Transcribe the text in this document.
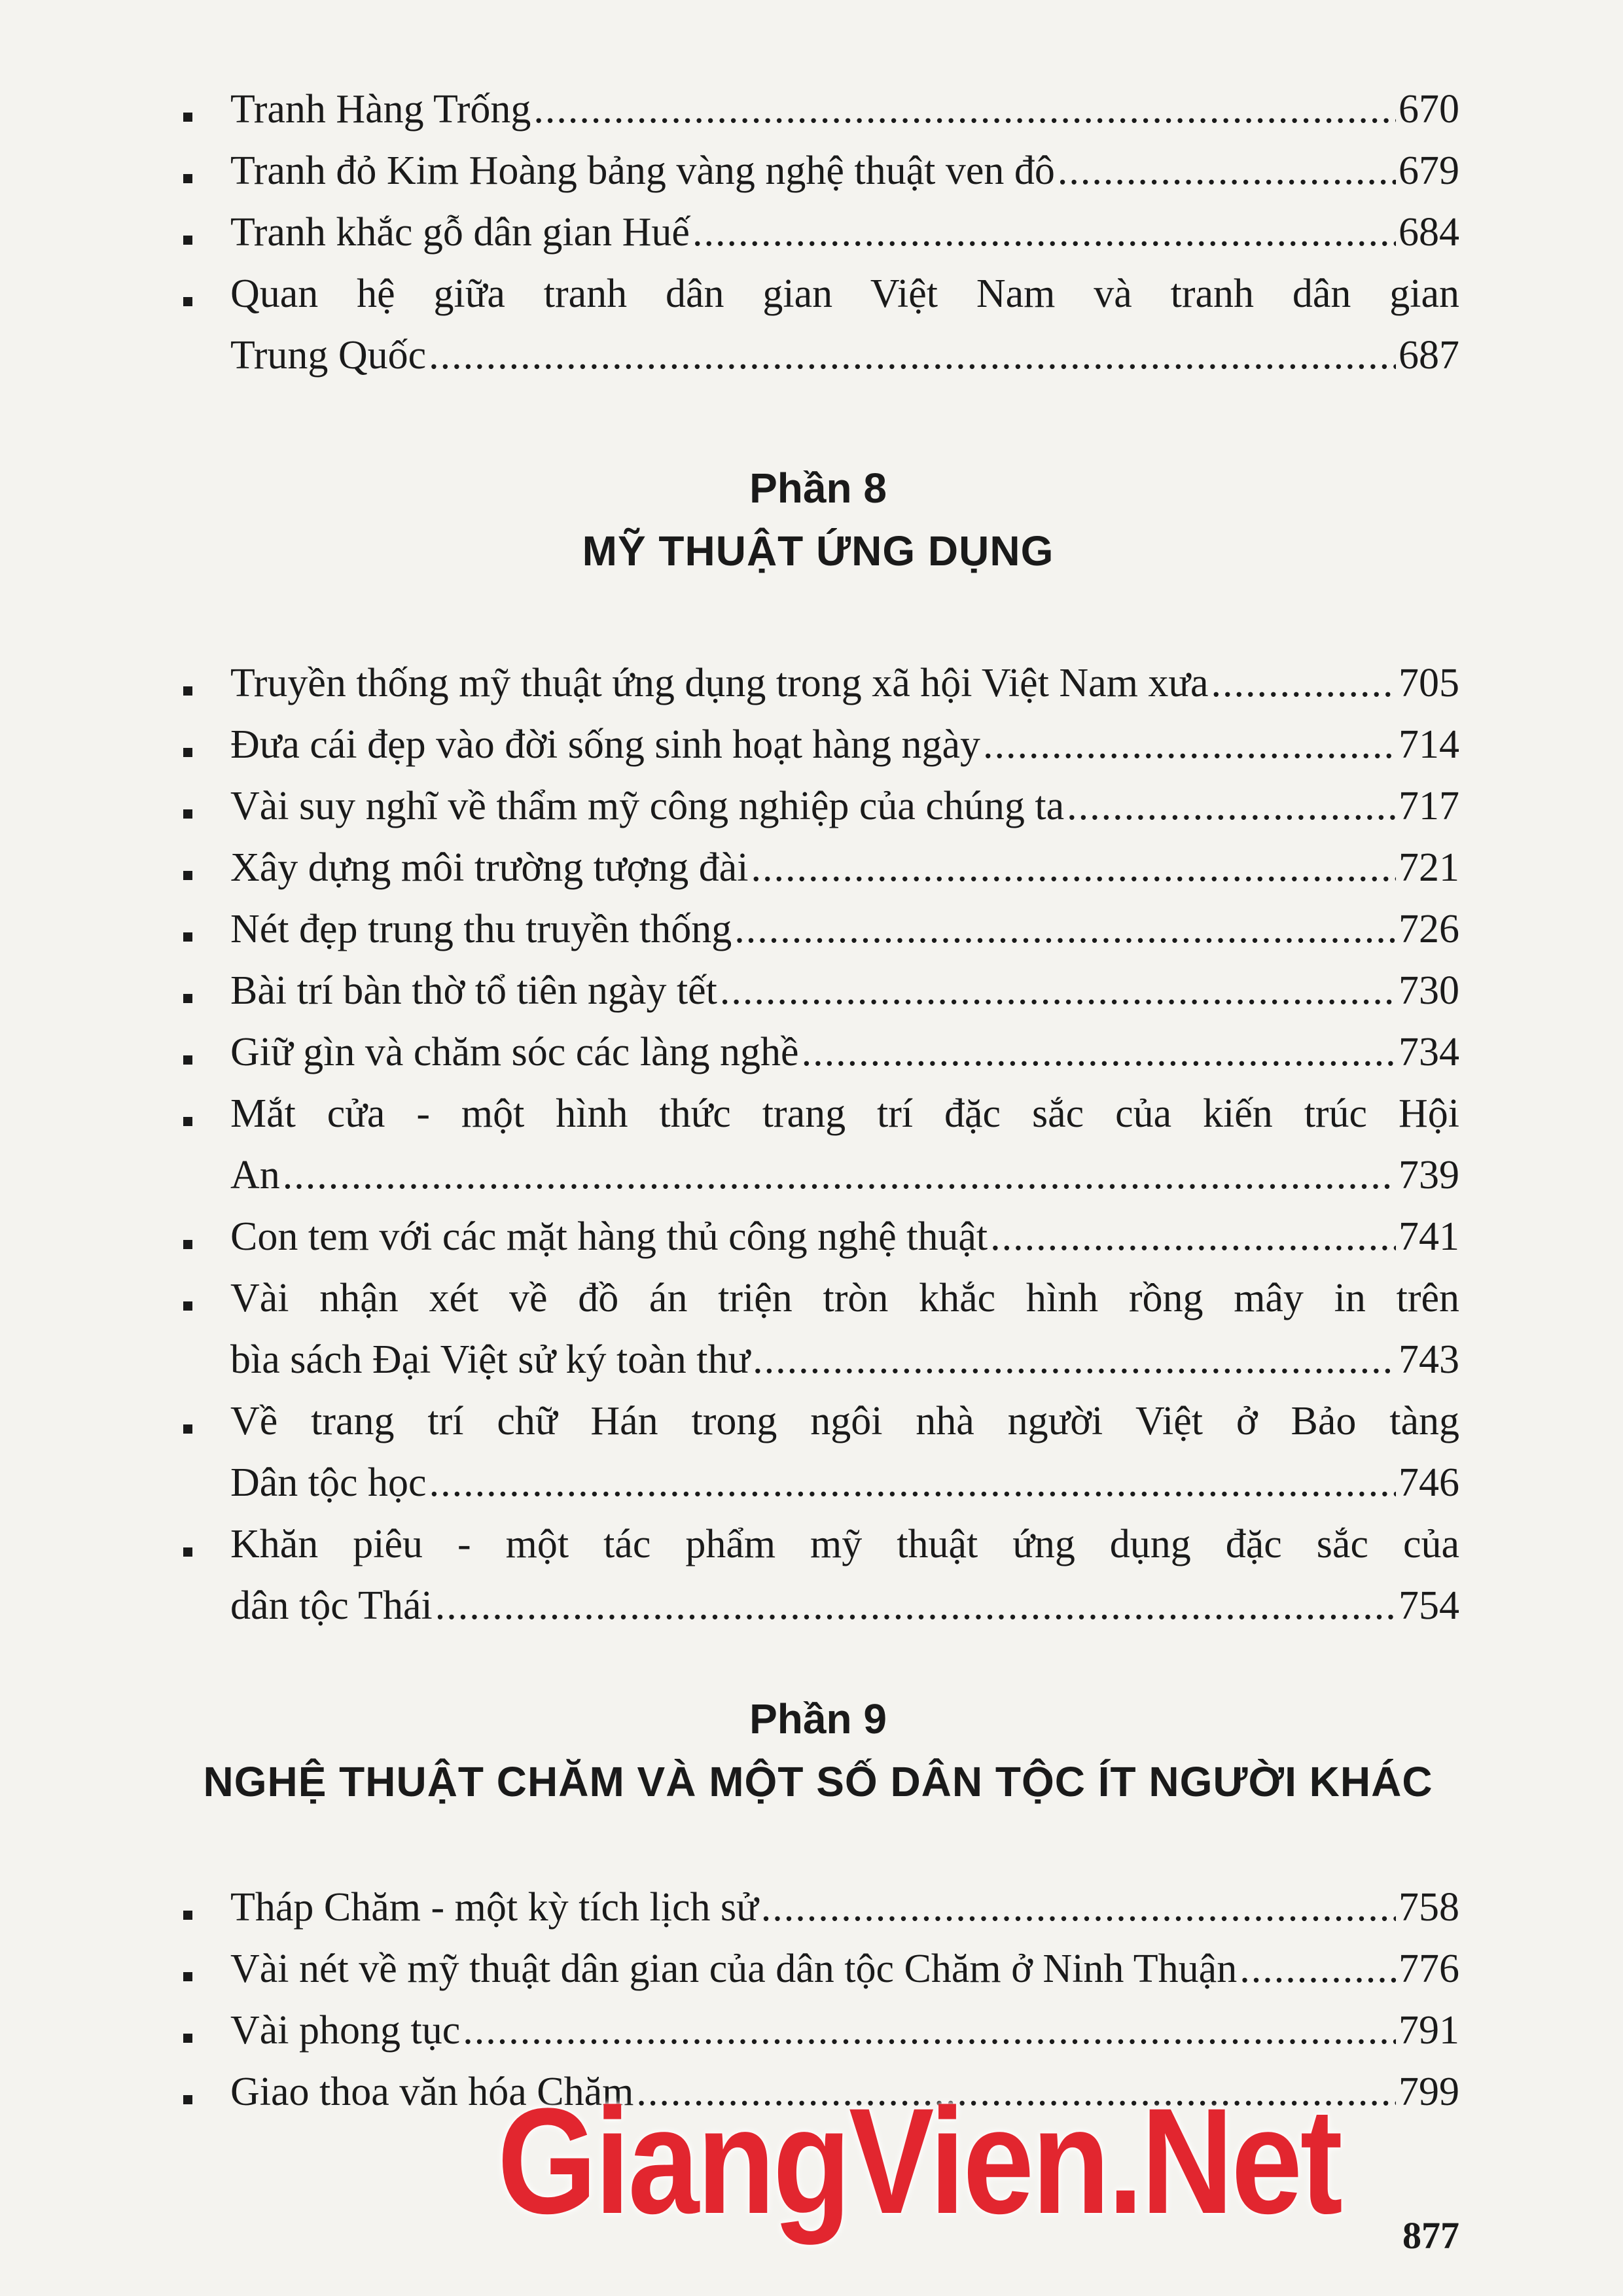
Tranh Hàng Trống .....	670
Tranh đỏ Kim Hoàng bảng vàng nghệ thuật ven đô .....	679
Tranh khắc gỗ dân gian Huế .....	684
Quan hệ giữa tranh dân gian Việt Nam và tranh dân gian
Trung Quốc .....	687
Phần 8
MỸ THUẬT ỨNG DỤNG
Truyền thống mỹ thuật ứng dụng trong xã hội Việt Nam xưa .....	705
Đưa cái đẹp vào đời sống sinh hoạt hàng ngày .....	714
Vài suy nghĩ về thẩm mỹ công nghiệp của chúng ta .....	717
Xây dựng môi trường tượng đài .....	721
Nét đẹp trung thu truyền thống .....	726
Bài trí bàn thờ tổ tiên ngày tết .....	730
Giữ gìn và chăm sóc các làng nghề .....	734
Mắt cửa - một hình thức trang trí đặc sắc của kiến trúc Hội
An .....	739
Con tem với các mặt hàng thủ công nghệ thuật .....	741
Vài nhận xét về đồ án triện tròn khắc hình rồng mây in trên
bìa sách Đại Việt sử ký toàn thư .....	743
Về trang trí chữ Hán trong ngôi nhà người Việt ở Bảo tàng
Dân tộc học .....	746
Khăn piêu - một tác phẩm mỹ thuật ứng dụng đặc sắc của
dân tộc Thái .....	754
Phần 9
NGHỆ THUẬT CHĂM VÀ MỘT SỐ DÂN TỘC ÍT NGƯỜI KHÁC
Tháp Chăm - một kỳ tích lịch sử .....	758
Vài nét về mỹ thuật dân gian của dân tộc Chăm ở Ninh Thuận .....	776
Vài phong tục .....	791
Giao thoa văn hóa Chăm .....	799
877
GiangVien.Net
